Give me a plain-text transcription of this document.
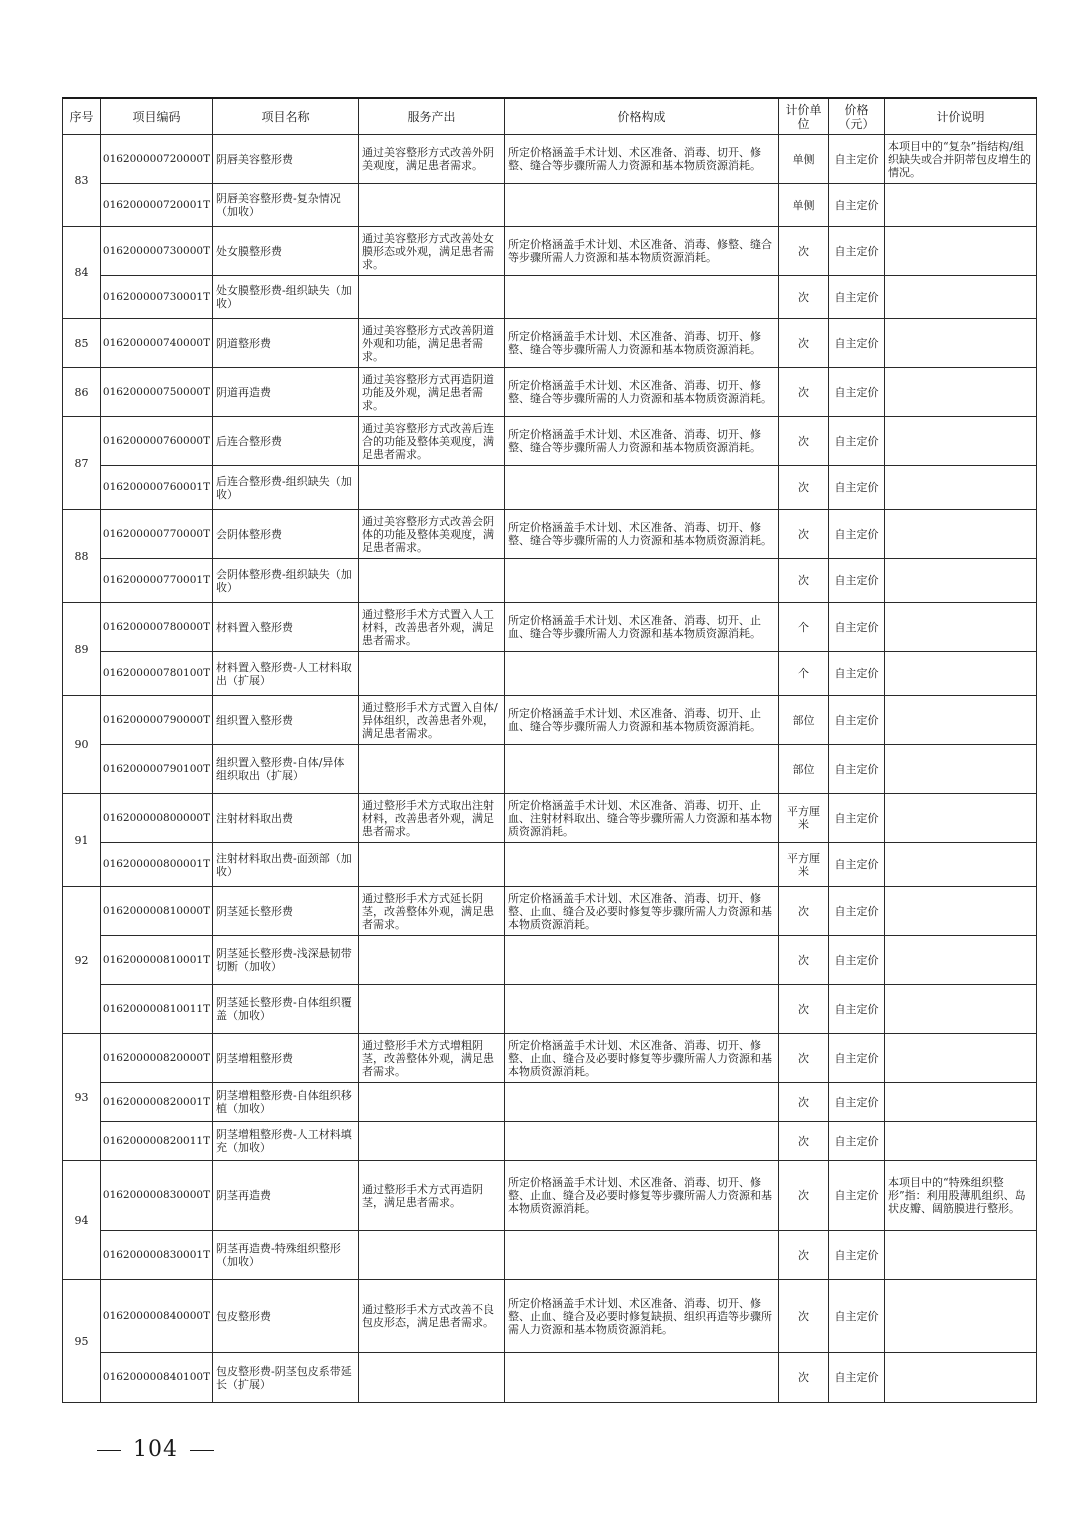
序号	项目编码	项目名称	服务产出	价格构成	计价单位	价格（元）	计价说明
83	016200000720000T	阴唇美容整形费	通过美容整形方式改善外阴美观度，满足患者需求。	所定价格涵盖手术计划、术区准备、消毒、切开、修整、缝合等步骤所需人力资源和基本物质资源消耗。	单侧	自主定价	本项目中的“复杂”指结构/组织缺失或合并阴蒂包皮增生的情况。
	016200000720001T	阴唇美容整形费-复杂情况（加收）			单侧	自主定价	
84	016200000730000T	处女膜整形费	通过美容整形方式改善处女膜形态或外观，满足患者需求。	所定价格涵盖手术计划、术区准备、消毒、修整、缝合等步骤所需人力资源和基本物质资源消耗。	次	自主定价	
	016200000730001T	处女膜整形费-组织缺失（加收）			次	自主定价	
85	016200000740000T	阴道整形费	通过美容整形方式改善阴道外观和功能，满足患者需求。	所定价格涵盖手术计划、术区准备、消毒、切开、修整、缝合等步骤所需人力资源和基本物质资源消耗。	次	自主定价	
86	016200000750000T	阴道再造费	通过美容整形方式再造阴道功能及外观，满足患者需求。	所定价格涵盖手术计划、术区准备、消毒、切开、修整、缝合等步骤所需的人力资源和基本物质资源消耗。	次	自主定价	
87	016200000760000T	后连合整形费	通过美容整形方式改善后连合的功能及整体美观度，满足患者需求。	所定价格涵盖手术计划、术区准备、消毒、切开、修整、缝合等步骤所需人力资源和基本物质资源消耗。	次	自主定价	
	016200000760001T	后连合整形费-组织缺失（加收）			次	自主定价	
88	016200000770000T	会阴体整形费	通过美容整形方式改善会阴体的功能及整体美观度，满足患者需求。	所定价格涵盖手术计划、术区准备、消毒、切开、修整、缝合等步骤所需的人力资源和基本物质资源消耗。	次	自主定价	
	016200000770001T	会阴体整形费-组织缺失（加收）			次	自主定价	
89	016200000780000T	材料置入整形费	通过整形手术方式置入人工材料，改善患者外观，满足患者需求。	所定价格涵盖手术计划、术区准备、消毒、切开、止血、缝合等步骤所需人力资源和基本物质资源消耗。	个	自主定价	
	016200000780100T	材料置入整形费-人工材料取出（扩展）			个	自主定价	
90	016200000790000T	组织置入整形费	通过整形手术方式置入自体/异体组织，改善患者外观，满足患者需求。	所定价格涵盖手术计划、术区准备、消毒、切开、止血、缝合等步骤所需人力资源和基本物质资源消耗。	部位	自主定价	
	016200000790100T	组织置入整形费-自体/异体组织取出（扩展）			部位	自主定价	
91	016200000800000T	注射材料取出费	通过整形手术方式取出注射材料，改善患者外观，满足患者需求。	所定价格涵盖手术计划、术区准备、消毒、切开、止血、注射材料取出、缝合等步骤所需人力资源和基本物质资源消耗。	平方厘米	自主定价	
	016200000800001T	注射材料取出费-面颈部（加收）			平方厘米	自主定价	
92	016200000810000T	阴茎延长整形费	通过整形手术方式延长阴茎，改善整体外观，满足患者需求。	所定价格涵盖手术计划、术区准备、消毒、切开、修整、止血、缝合及必要时修复等步骤所需人力资源和基本物质资源消耗。	次	自主定价	
	016200000810001T	阴茎延长整形费-浅深悬韧带切断（加收）			次	自主定价	
	016200000810011T	阴茎延长整形费-自体组织覆盖（加收）			次	自主定价	
93	016200000820000T	阴茎增粗整形费	通过整形手术方式增粗阴茎，改善整体外观，满足患者需求。	所定价格涵盖手术计划、术区准备、消毒、切开、修整、止血、缝合及必要时修复等步骤所需人力资源和基本物质资源消耗。	次	自主定价	
	016200000820001T	阴茎增粗整形费-自体组织移植（加收）			次	自主定价	
	016200000820011T	阴茎增粗整形费-人工材料填充（加收）			次	自主定价	
94	016200000830000T	阴茎再造费	通过整形手术方式再造阴茎，满足患者需求。	所定价格涵盖手术计划、术区准备、消毒、切开、修整、止血、缝合及必要时修复等步骤所需人力资源和基本物质资源消耗。	次	自主定价	本项目中的“特殊组织整形”指：利用股薄肌组织、岛状皮瓣、阔筋膜进行整形。
	016200000830001T	阴茎再造费-特殊组织整形（加收）			次	自主定价	
95	016200000840000T	包皮整形费	通过整形手术方式改善不良包皮形态，满足患者需求。	所定价格涵盖手术计划、术区准备、消毒、切开、修整、止血、缝合及必要时修复缺损、组织再造等步骤所需人力资源和基本物质资源消耗。	次	自主定价	
	016200000840100T	包皮整形费-阴茎包皮系带延长（扩展）			次	自主定价	
104
